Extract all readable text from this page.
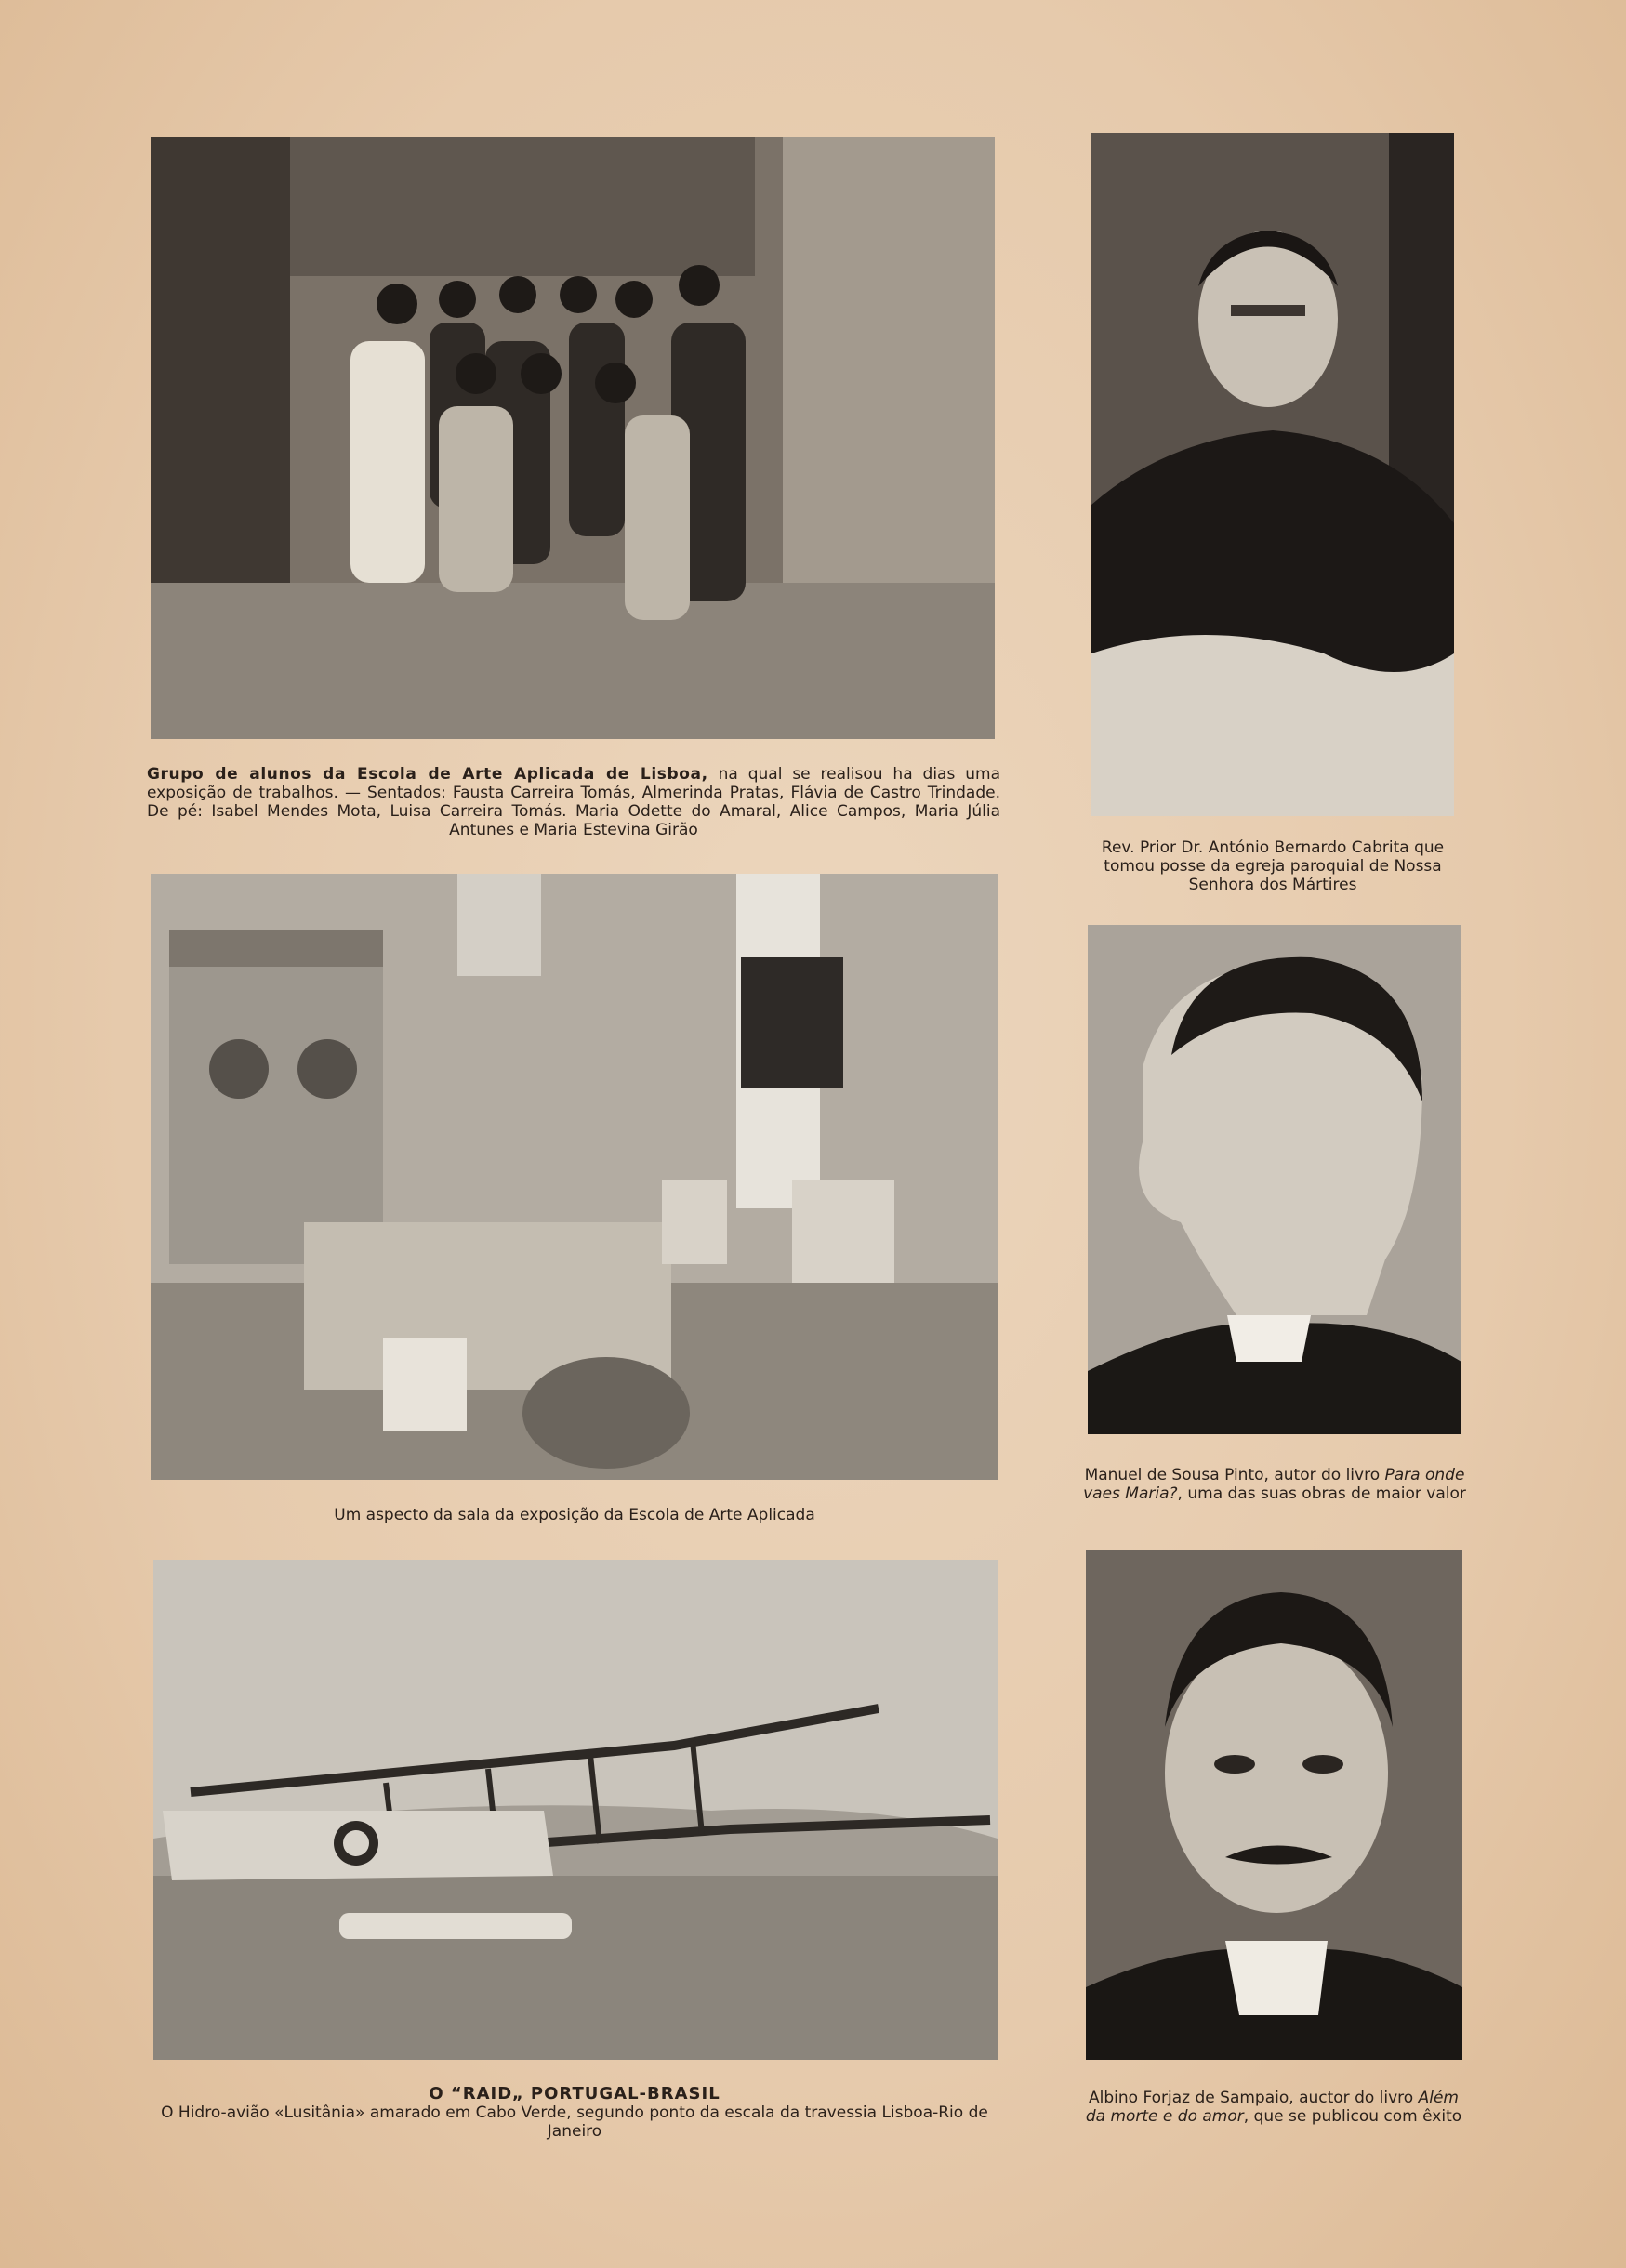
Grupo de alunos da Escola de Arte Aplicada de Lisboa, na qual se realisou ha dias uma exposição de trabalhos. — Sentados: Fausta Carreira Tomás, Almerinda Pratas, Flávia de Castro Trindade. De pé: Isabel Mendes Mota, Luisa Carreira Tomás. Maria Odette do Amaral, Alice Campos, Maria Júlia Antunes e Maria Estevina Girão
Rev. Prior Dr. António Bernardo Cabrita que tomou posse da egreja paroquial de Nossa Senhora dos Mártires
Um aspecto da sala da exposição da Escola de Arte Aplicada
Manuel de Sousa Pinto, autor do livro Para onde vaes Maria?, uma das suas obras de maior valor
O “RAID„ PORTUGAL-BRASIL
O Hidro-avião «Lusitânia» amarado em Cabo Verde, segundo ponto da escala da travessia Lisboa-Rio de Janeiro
Albino Forjaz de Sampaio, auctor do livro Além da morte e do amor, que se publicou com êxito
